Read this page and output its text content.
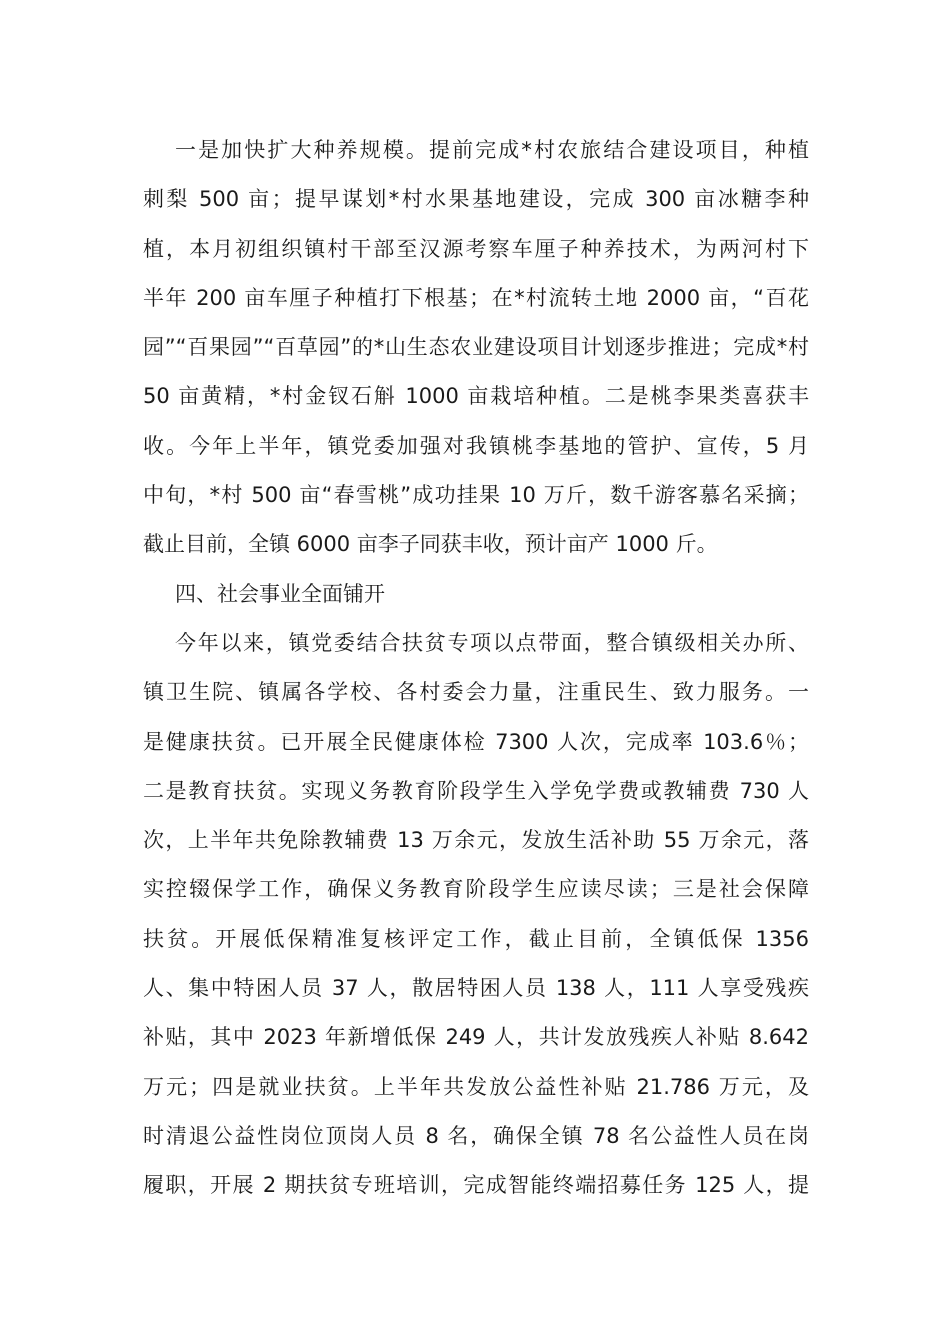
一是加快扩大种养规模。提前完成*村农旅结合建设项目，种植
刺梨 500 亩；提早谋划*村水果基地建设，完成 300 亩冰糖李种
植，本月初组织镇村干部至汉源考察车厘子种养技术，为两河村下
半年 200 亩车厘子种植打下根基；在*村流转土地 2000 亩，“百花
园”“百果园”“百草园”的*山生态农业建设项目计划逐步推进；完成*村
50 亩黄精，*村金钗石斛 1000 亩栽培种植。二是桃李果类喜获丰
收。今年上半年，镇党委加强对我镇桃李基地的管护、宣传，5 月
中旬，*村 500 亩“春雪桃”成功挂果 10 万斤，数千游客慕名采摘；
截止目前，全镇 6000 亩李子同获丰收，预计亩产 1000 斤。
四、社会事业全面铺开
今年以来，镇党委结合扶贫专项以点带面，整合镇级相关办所、
镇卫生院、镇属各学校、各村委会力量，注重民生、致力服务。一
是健康扶贫。已开展全民健康体检 7300 人次，完成率 103.6％；
二是教育扶贫。实现义务教育阶段学生入学免学费或教辅费 730 人
次，上半年共免除教辅费 13 万余元，发放生活补助 55 万余元，落
实控辍保学工作，确保义务教育阶段学生应读尽读；三是社会保障
扶贫。开展低保精准复核评定工作，截止目前，全镇低保 1356
人、集中特困人员 37 人，散居特困人员 138 人，111 人享受残疾
补贴，其中 2023 年新增低保 249 人，共计发放残疾人补贴 8.642
万元；四是就业扶贫。上半年共发放公益性补贴 21.786 万元，及
时清退公益性岗位顶岗人员 8 名，确保全镇 78 名公益性人员在岗
履职，开展 2 期扶贫专班培训，完成智能终端招募任务 125 人，提
